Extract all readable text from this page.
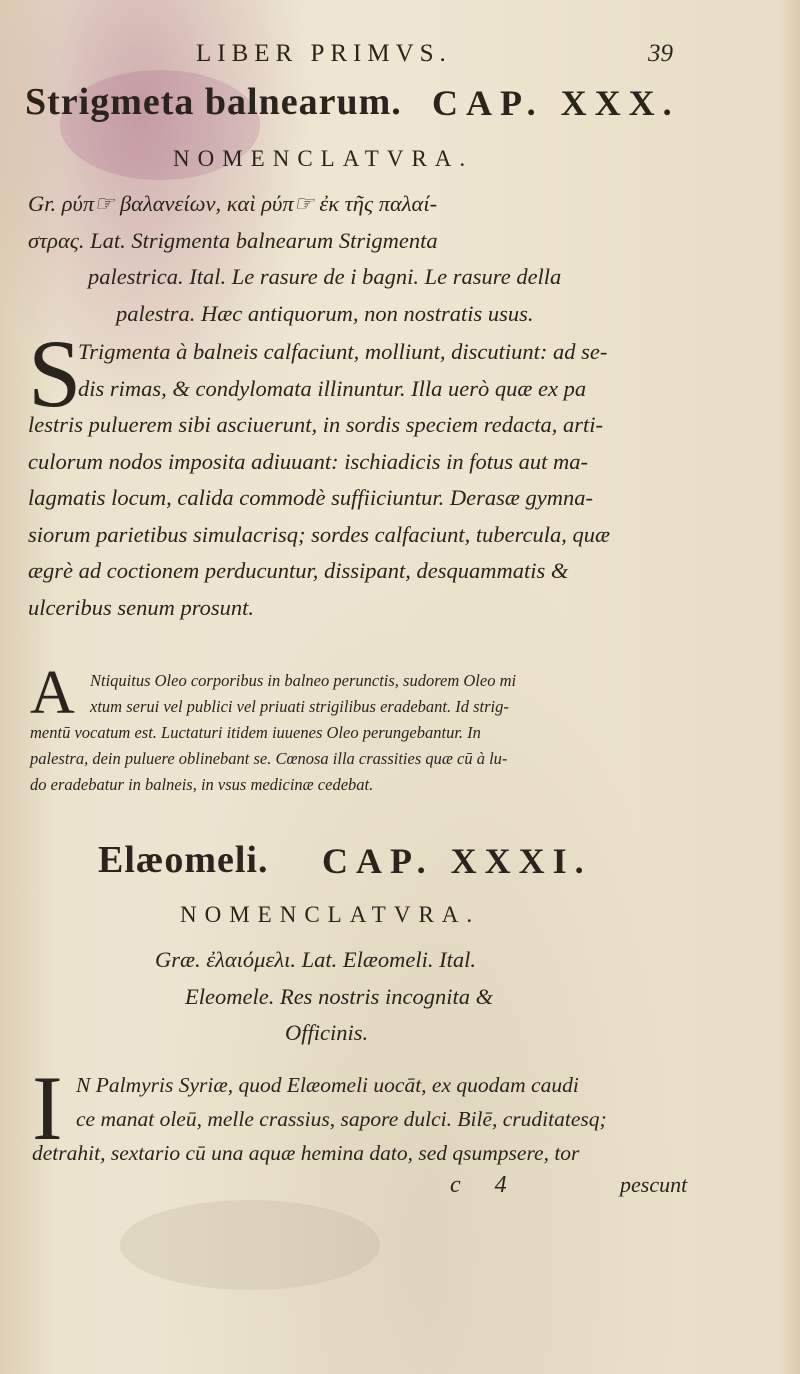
LIBER PRIMVS.	39
Strigmeta balnearum. CAP. XXX.
NOMENCLATVRA.
Gr. ρύπ☞ βαλανείων, καὶ ρύπ☞ ἐκ τῆς παλαί-
στρας. Lat. Strigmenta balnearum Strigmenta
palestrica. Ital. Le rasure de i bagni. Le rasure della
palestra. Hæc antiquorum, non nostratis usus.
S
Trigmenta à balneis calfaciunt, molliunt, discutiunt: ad se-
dis rimas, & condylomata illinuntur. Illa uerò quæ ex pa
lestris puluerem sibi asciuerunt, in sordis speciem redacta, arti-
culorum nodos imposita adiuuant: ischiadicis in fotus aut ma-
lagmatis locum, calida commodè suffiiciuntur. Derasæ gymna-
siorum parietibus simulacrisq; sordes calfaciunt, tubercula, quæ
ægrè ad coctionem perducuntur, dissipant, desquammatis &
ulceribus senum prosunt.
A Ntiquitus Oleo corporibus in balneo perunctis, sudorem Oleo mi
xtum serui vel publici vel priuati strigilibus eradebant. Id strig-
mentū vocatum est. Luctaturi itidem iuuenes Oleo perungebantur. In
palestra, dein puluere oblinebant se. Cœnosa illa crassities quæ cū à lu-
do eradebatur in balneis, in vsus medicinæ cedebat.
Elæomeli. CAP. XXXI.
NOMENCLATVRA.
Græ. ἐλαιόμελι. Lat. Elæomeli. Ital.
Eleomele. Res nostris incognita &
Officinis.
I N Palmyris Syriæ, quod Elæomeli uocāt, ex quodam caudi
ce manat oleū, melle crassius, sapore dulci. Bilē, cruditatesq;
detrahit, sextario cū una aquæ hemina dato, sed qsumpsere, tor
c 4	pescunt
